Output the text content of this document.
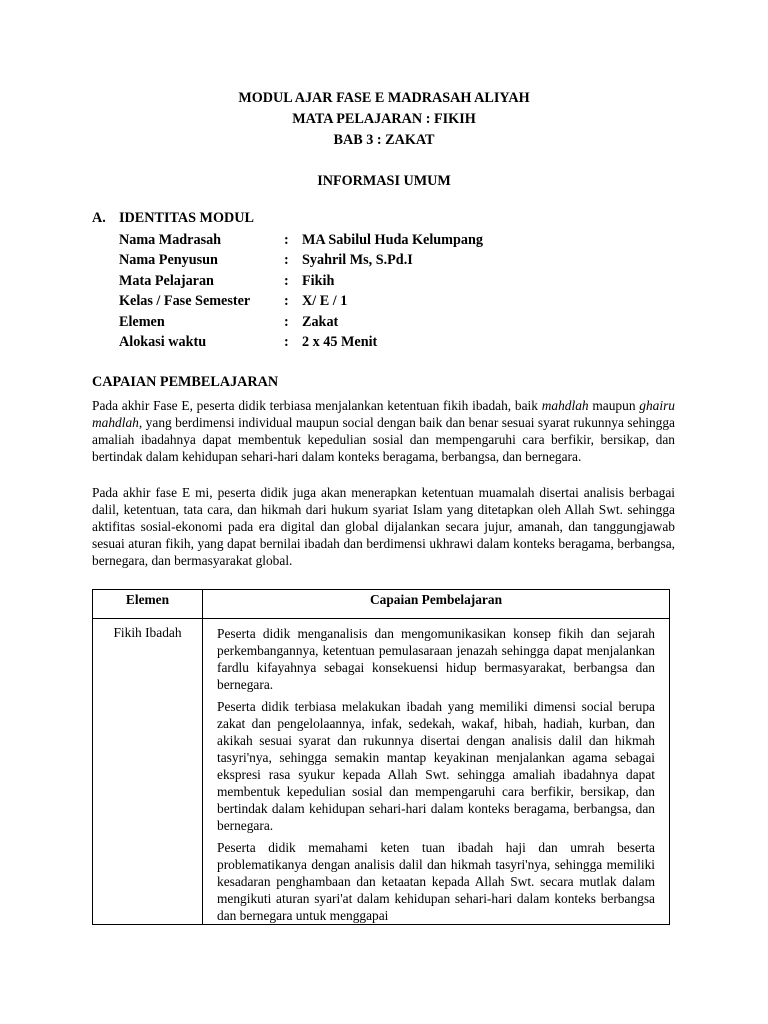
MODUL AJAR FASE E MADRASAH ALIYAH
MATA PELAJARAN : FIKIH
BAB 3 : ZAKAT
INFORMASI UMUM
A. IDENTITAS MODUL
Nama Madrasah	:	MA Sabilul Huda Kelumpang
Nama Penyusun	:	Syahril Ms, S.Pd.I
Mata Pelajaran	:	Fikih
Kelas / Fase Semester	:	X/ E / 1
Elemen	:	Zakat
Alokasi waktu	:	2 x 45 Menit
CAPAIAN PEMBELAJARAN
Pada akhir Fase E, peserta didik terbiasa menjalankan ketentuan fikih ibadah, baik mahdlah maupun ghairu mahdlah, yang berdimensi individual maupun social dengan baik dan benar sesuai syarat rukunnya sehingga amaliah ibadahnya dapat membentuk kepedulian sosial dan mempengaruhi cara berfikir, bersikap, dan bertindak dalam kehidupan sehari-hari dalam konteks beragama, berbangsa, dan bernegara.
Pada akhir fase E mi, peserta didik juga akan menerapkan ketentuan muamalah disertai analisis berbagai dalil, ketentuan, tata cara, dan hikmah dari hukum syariat Islam yang ditetapkan oleh Allah Swt. sehingga aktifitas sosial-ekonomi pada era digital dan global dijalankan secara jujur, amanah, dan tanggungjawab sesuai aturan fikih, yang dapat bernilai ibadah dan berdimensi ukhrawi dalam konteks beragama, berbangsa, bernegara, dan bermasyarakat global.
Elemen	Capaian Pembelajaran
Fikih Ibadah	Peserta didik menganalisis dan mengomunikasikan konsep fikih dan sejarah perkembangannya, ketentuan pemulasaraan jenazah sehingga dapat menjalankan fardlu kifayahnya sebagai konsekuensi hidup bermasyarakat, berbangsa dan bernegara.

Peserta didik terbiasa melakukan ibadah yang memiliki dimensi social berupa zakat dan pengelolaannya, infak, sedekah, wakaf, hibah, hadiah, kurban, dan akikah sesuai syarat dan rukunnya disertai dengan analisis dalil dan hikmah tasyri'nya, sehingga semakin mantap keyakinan menjalankan agama sebagai ekspresi rasa syukur kepada Allah Swt. sehingga amaliah ibadahnya dapat membentuk kepedulian sosial dan mempengaruhi cara berfikir, bersikap, dan bertindak dalam kehidupan sehari-hari dalam konteks beragama, berbangsa, dan bernegara.

Peserta didik memahami keten tuan ibadah haji dan umrah beserta problematikanya dengan analisis dalil dan hikmah tasyri'nya, sehingga memiliki kesadaran penghambaan dan ketaatan kepada Allah Swt. secara mutlak dalam mengikuti aturan syari'at dalam kehidupan sehari-hari dalam konteks berbangsa dan bernegara untuk menggapai
